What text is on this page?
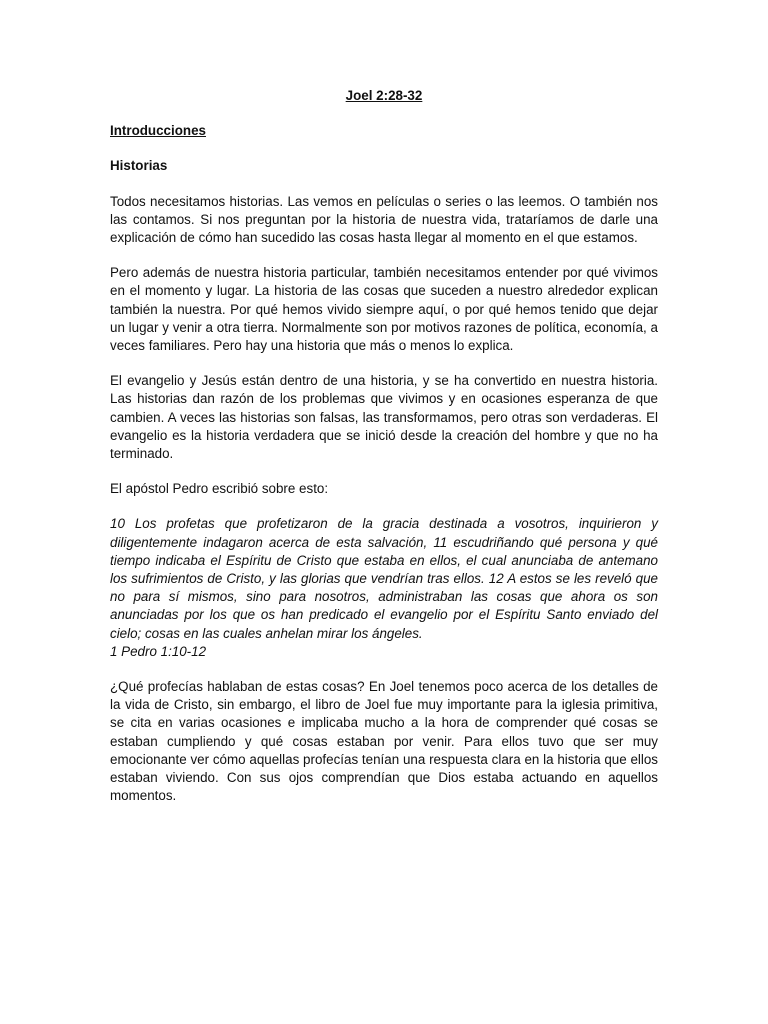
Joel 2:28-32

Introducciones

Historias

Todos necesitamos historias. Las vemos en películas o series o las leemos. O también nos las contamos. Si nos preguntan por la historia de nuestra vida, trataríamos de darle una explicación de cómo han sucedido las cosas hasta llegar al momento en el que estamos.

Pero además de nuestra historia particular, también necesitamos entender por qué vivimos en el momento y lugar. La historia de las cosas que suceden a nuestro alrededor explican también la nuestra. Por qué hemos vivido siempre aquí, o por qué hemos tenido que dejar un lugar y venir a otra tierra. Normalmente son por motivos razones de política, economía, a veces familiares. Pero hay una historia que más o menos lo explica.

El evangelio y Jesús están dentro de una historia, y se ha convertido en nuestra historia. Las historias dan razón de los problemas que vivimos y en ocasiones esperanza de que cambien. A veces las historias son falsas, las transformamos, pero otras son verdaderas. El evangelio es la historia verdadera que se inició desde la creación del hombre y que no ha terminado.

El apóstol Pedro escribió sobre esto:

10 Los profetas que profetizaron de la gracia destinada a vosotros, inquirieron y diligentemente indagaron acerca de esta salvación, 11 escudriñando qué persona y qué tiempo indicaba el Espíritu de Cristo que estaba en ellos, el cual anunciaba de antemano los sufrimientos de Cristo, y las glorias que vendrían tras ellos. 12 A estos se les reveló que no para sí mismos, sino para nosotros, administraban las cosas que ahora os son anunciadas por los que os han predicado el evangelio por el Espíritu Santo enviado del cielo; cosas en las cuales anhelan mirar los ángeles.

1 Pedro 1:10-12

¿Qué profecías hablaban de estas cosas? En Joel tenemos poco acerca de los detalles de la vida de Cristo, sin embargo, el libro de Joel fue muy importante para la iglesia primitiva, se cita en varias ocasiones e implicaba mucho a la hora de comprender qué cosas se estaban cumpliendo y qué cosas estaban por venir. Para ellos tuvo que ser muy emocionante ver cómo aquellas profecías tenían una respuesta clara en la historia que ellos estaban viviendo. Con sus ojos comprendían que Dios estaba actuando en aquellos momentos.
